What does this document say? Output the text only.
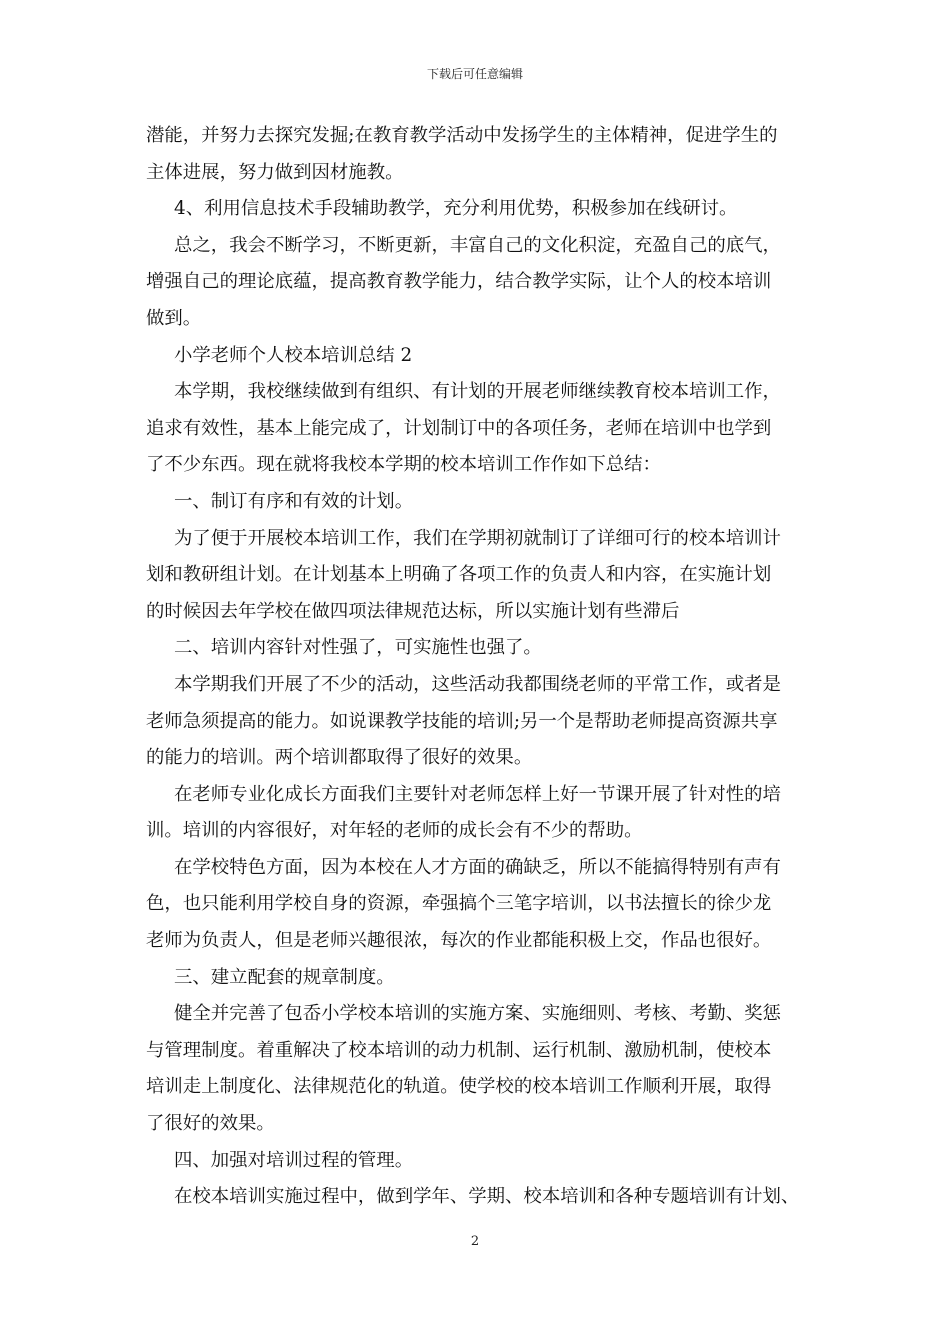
下载后可任意编辑
潜能，并努力去探究发掘;在教育教学活动中发扬学生的主体精神，促进学生的
主体进展，努力做到因材施教。
4、利用信息技术手段辅助教学，充分利用优势，积极参加在线研讨。
总之，我会不断学习，不断更新，丰富自己的文化积淀，充盈自己的底气，
增强自己的理论底蕴，提高教育教学能力，结合教学实际，让个人的校本培训
做到。
小学老师个人校本培训总结 2
本学期，我校继续做到有组织、有计划的开展老师继续教育校本培训工作，
追求有效性，基本上能完成了，计划制订中的各项任务，老师在培训中也学到
了不少东西。现在就将我校本学期的校本培训工作作如下总结：
一、制订有序和有效的计划。
为了便于开展校本培训工作，我们在学期初就制订了详细可行的校本培训计
划和教研组计划。在计划基本上明确了各项工作的负责人和内容，在实施计划
的时候因去年学校在做四项法律规范达标，所以实施计划有些滞后
二、培训内容针对性强了，可实施性也强了。
本学期我们开展了不少的活动，这些活动我都围绕老师的平常工作，或者是
老师急须提高的能力。如说课教学技能的培训;另一个是帮助老师提高资源共享
的能力的培训。两个培训都取得了很好的效果。
在老师专业化成长方面我们主要针对老师怎样上好一节课开展了针对性的培
训。培训的内容很好，对年轻的老师的成长会有不少的帮助。
在学校特色方面，因为本校在人才方面的确缺乏，所以不能搞得特别有声有
色，也只能利用学校自身的资源，牵强搞个三笔字培训，以书法擅长的徐少龙
老师为负责人，但是老师兴趣很浓，每次的作业都能积极上交，作品也很好。
三、建立配套的规章制度。
健全并完善了包岙小学校本培训的实施方案、实施细则、考核、考勤、奖惩
与管理制度。着重解决了校本培训的动力机制、运行机制、激励机制，使校本
培训走上制度化、法律规范化的轨道。使学校的校本培训工作顺利开展，取得
了很好的效果。
四、加强对培训过程的管理。
在校本培训实施过程中，做到学年、学期、校本培训和各种专题培训有计划、
2
